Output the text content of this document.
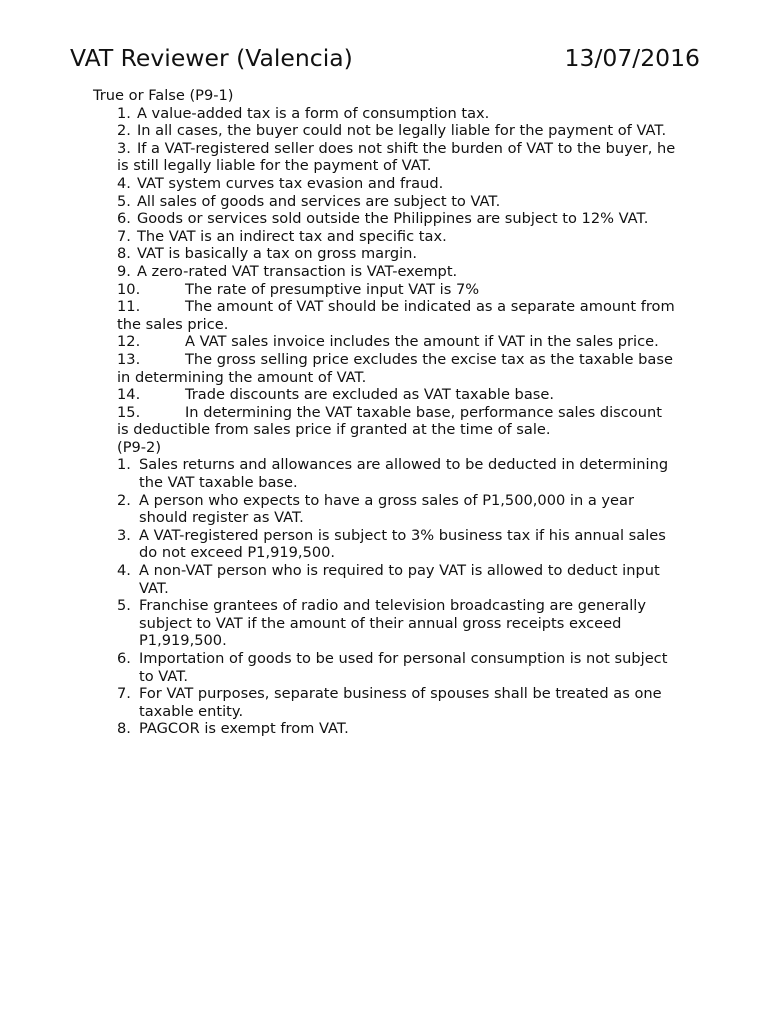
VAT Reviewer (Valencia)	13/07/2016
True or False (P9-1)
1. A value-added tax is a form of consumption tax.
2. In all cases, the buyer could not be legally liable for the payment of VAT.
3. If a VAT-registered seller does not shift the burden of VAT to the buyer, he is still legally liable for the payment of VAT.
4. VAT system curves tax evasion and fraud.
5. All sales of goods and services are subject to VAT.
6. Goods or services sold outside the Philippines are subject to 12% VAT.
7. The VAT is an indirect tax and specific tax.
8. VAT is basically a tax on gross margin.
9. A zero-rated VAT transaction is VAT-exempt.
10.	The rate of presumptive input VAT is 7%
11.	The amount of VAT should be indicated as a separate amount from the sales price.
12.	A VAT sales invoice includes the amount if VAT in the sales price.
13.	The gross selling price excludes the excise tax as the taxable base in determining the amount of VAT.
14.	Trade discounts are excluded as VAT taxable base.
15.	In determining the VAT taxable base, performance sales discount is deductible from sales price if granted at the time of sale.
(P9-2)
1. Sales returns and allowances are allowed to be deducted in determining the VAT taxable base.
2. A person who expects to have a gross sales of P1,500,000 in a year should register as VAT.
3. A VAT-registered person is subject to 3% business tax if his annual sales do not exceed P1,919,500.
4. A non-VAT person who is required to pay VAT is allowed to deduct input VAT.
5. Franchise grantees of radio and television broadcasting are generally subject to VAT if the amount of their annual gross receipts exceed P1,919,500.
6. Importation of goods to be used for personal consumption is not subject to VAT.
7. For VAT purposes, separate business of spouses shall be treated as one taxable entity.
8. PAGCOR is exempt from VAT.
